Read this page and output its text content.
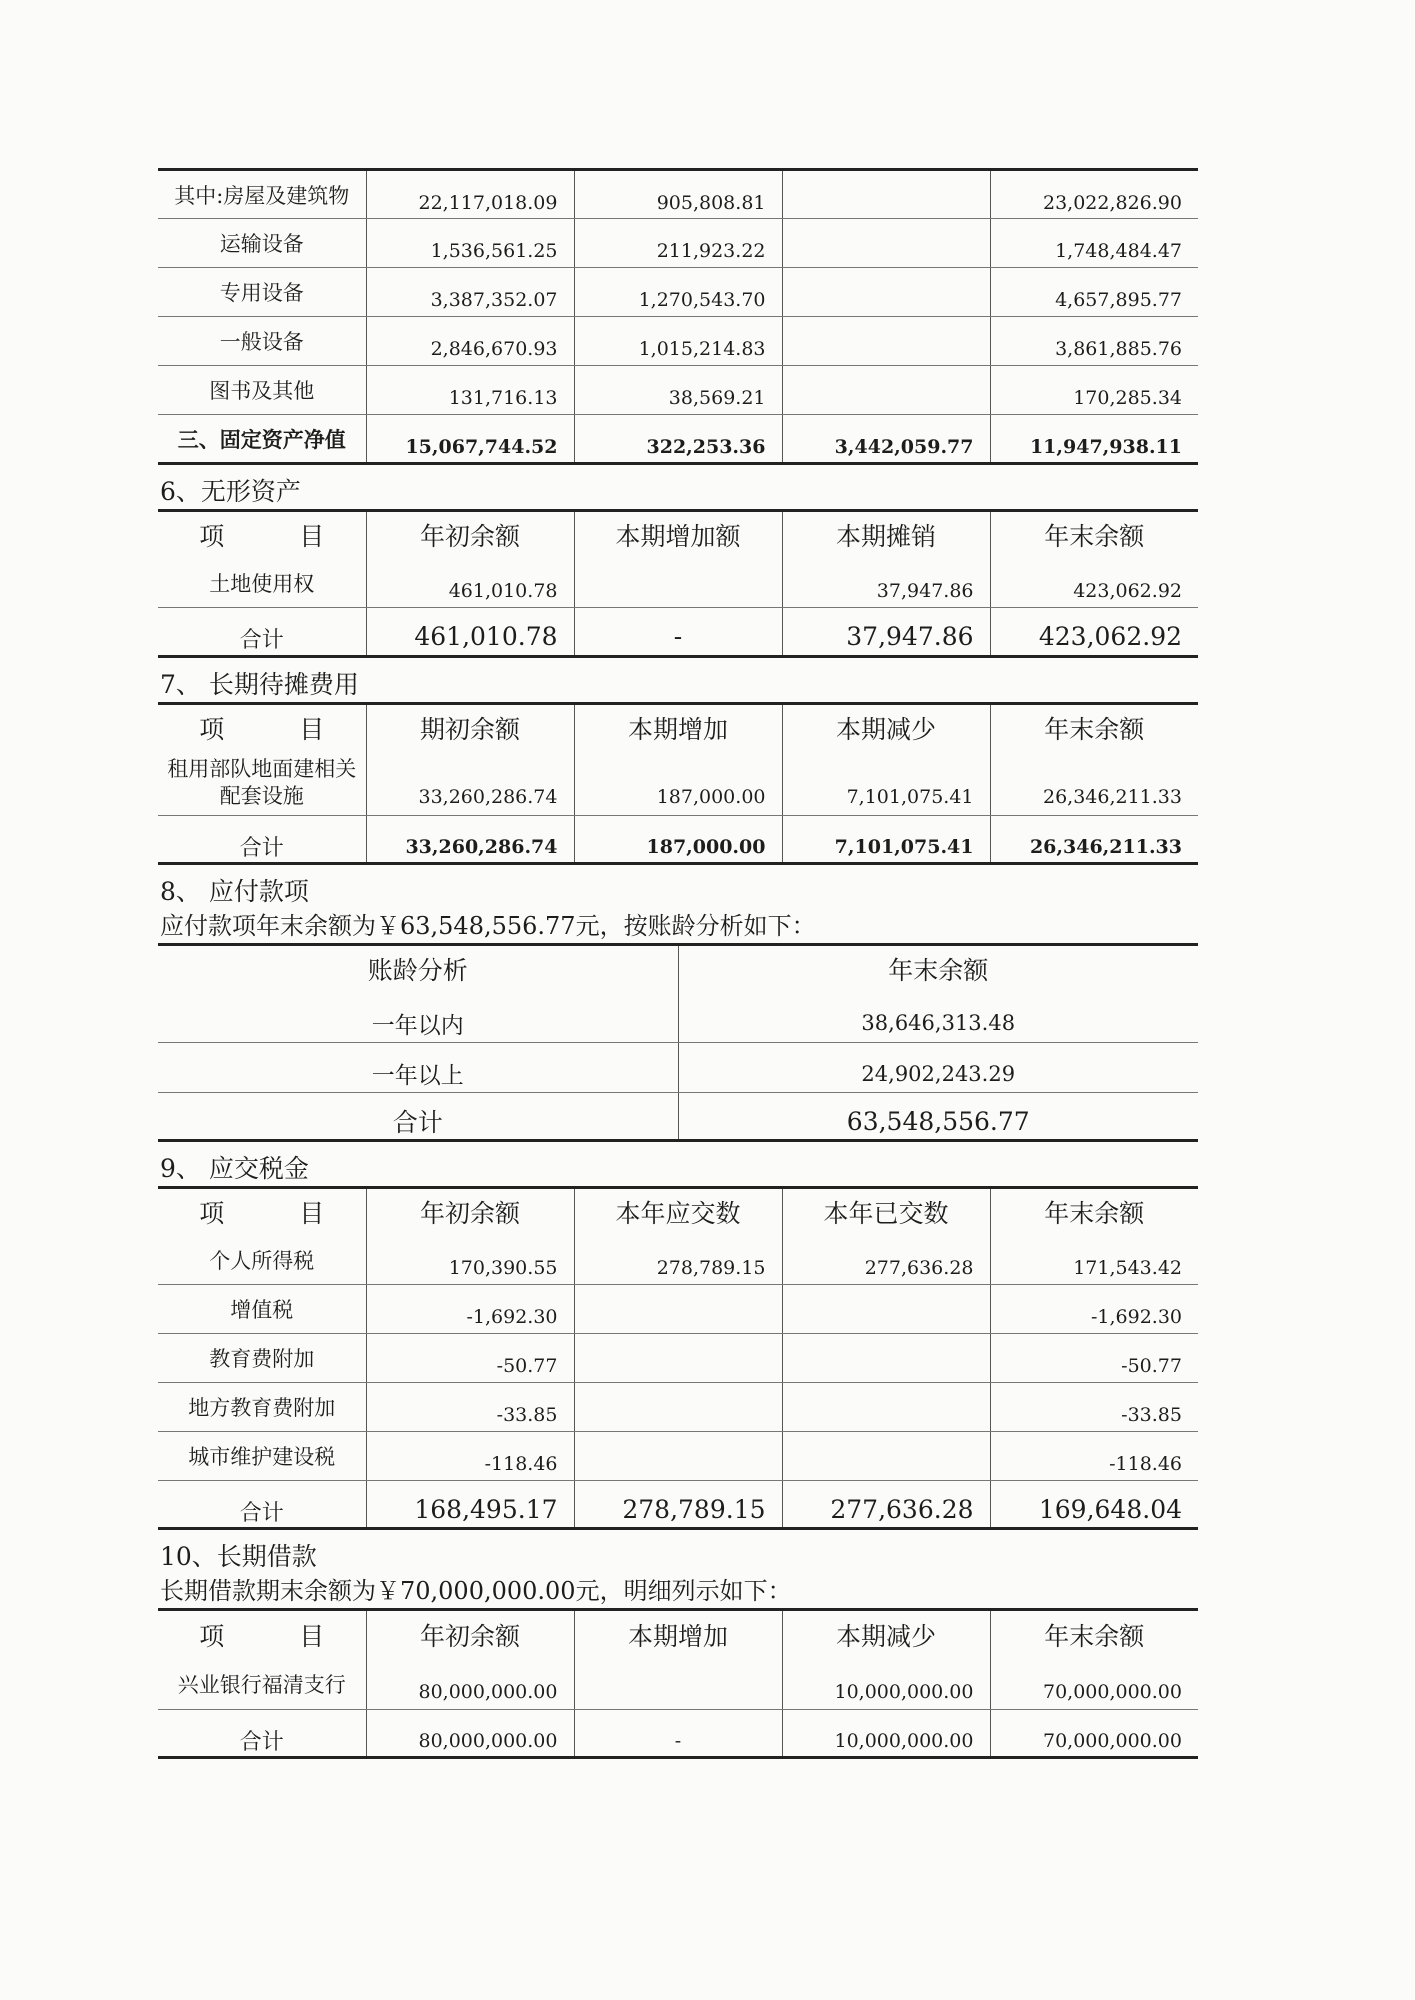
其中:房屋及建筑物	22,117,018.09	905,808.81		23,022,826.90
运输设备	1,536,561.25	211,923.22		1,748,484.47
专用设备	3,387,352.07	1,270,543.70		4,657,895.77
一般设备	2,846,670.93	1,015,214.83		3,861,885.76
图书及其他	131,716.13	38,569.21		170,285.34
三、固定资产净值	15,067,744.52	322,253.36	3,442,059.77	11,947,938.11
6、无形资产
项　　　目	年初余额	本期增加额	本期摊销	年末余额
土地使用权	461,010.78		37,947.86	423,062.92
合计	461,010.78	-	37,947.86	423,062.92
7、 长期待摊费用
项　　　目	期初余额	本期增加	本期减少	年末余额

租用部队地面建相关
配套设施	33,260,286.74	187,000.00	7,101,075.41	26,346,211.33
合计	33,260,286.74	187,000.00	7,101,075.41	26,346,211.33
8、 应付款项
应付款项年末余额为￥63,548,556.77元，按账龄分析如下：
账龄分析	年末余额
一年以内	38,646,313.48
一年以上	24,902,243.29
合计	63,548,556.77
9、 应交税金
项　　　目	年初余额	本年应交数	本年已交数	年末余额
个人所得税	170,390.55	278,789.15	277,636.28	171,543.42
增值税	-1,692.30			-1,692.30
教育费附加	-50.77			-50.77
地方教育费附加	-33.85			-33.85
城市维护建设税	-118.46			-118.46
合计	168,495.17	278,789.15	277,636.28	169,648.04
10、长期借款
长期借款期末余额为￥70,000,000.00元，明细列示如下：
项　　　目	年初余额	本期增加	本期减少	年末余额
兴业银行福清支行	80,000,000.00		10,000,000.00	70,000,000.00
合计	80,000,000.00	-	10,000,000.00	70,000,000.00
